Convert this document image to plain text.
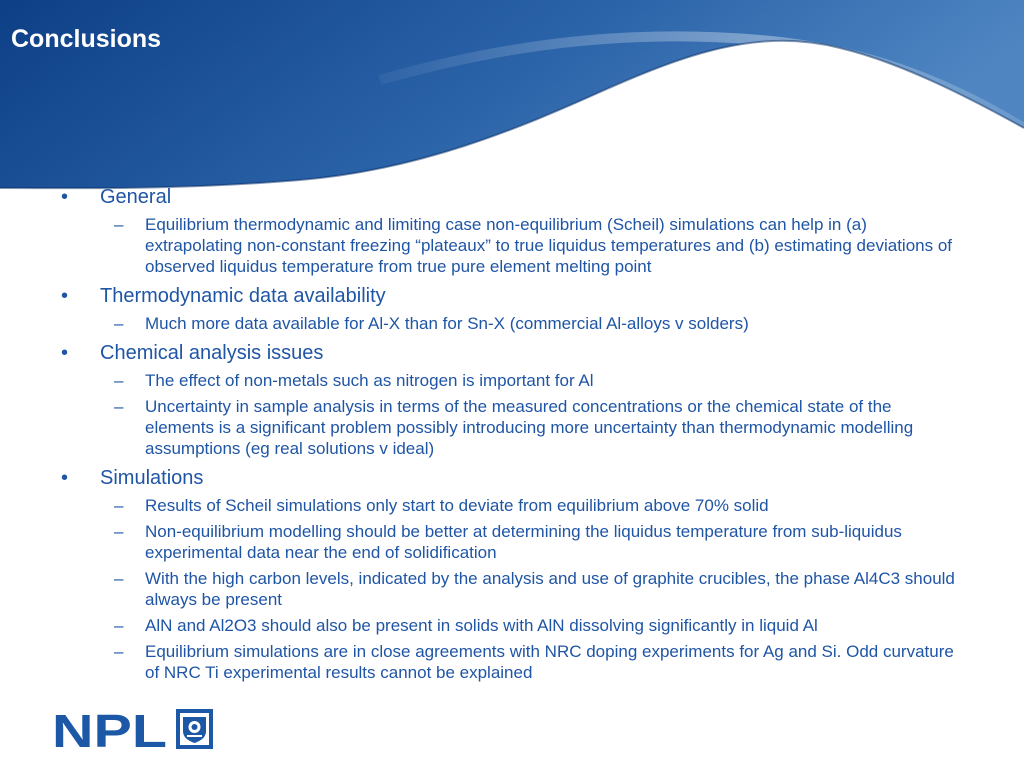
Conclusions
• General
– Equilibrium thermodynamic and limiting case non-equilibrium (Scheil) simulations can help in (a) extrapolating non-constant freezing “plateaux” to true liquidus temperatures and (b) estimating deviations of observed liquidus temperature from true pure element melting point
• Thermodynamic data availability
– Much more data available for Al-X than for Sn-X (commercial Al-alloys v solders)
• Chemical analysis issues
– The effect of non-metals such as nitrogen is important for Al
– Uncertainty in sample analysis in terms of the measured concentrations or the chemical state of the elements is a significant problem possibly introducing more uncertainty than thermodynamic modelling assumptions (eg real solutions v ideal)
• Simulations
– Results of Scheil simulations only start to deviate from equilibrium above 70% solid
– Non-equilibrium modelling should be better at determining the liquidus temperature from sub-liquidus experimental data near the end of solidification
– With the high carbon levels, indicated by the analysis and use of graphite crucibles, the phase Al4C3 should always be present
– AlN and Al2O3 should also be present in solids with AlN dissolving significantly in liquid Al
– Equilibrium simulations are in close agreements with NRC doping experiments for Ag and Si. Odd curvature of NRC Ti experimental results cannot be explained
NPL
